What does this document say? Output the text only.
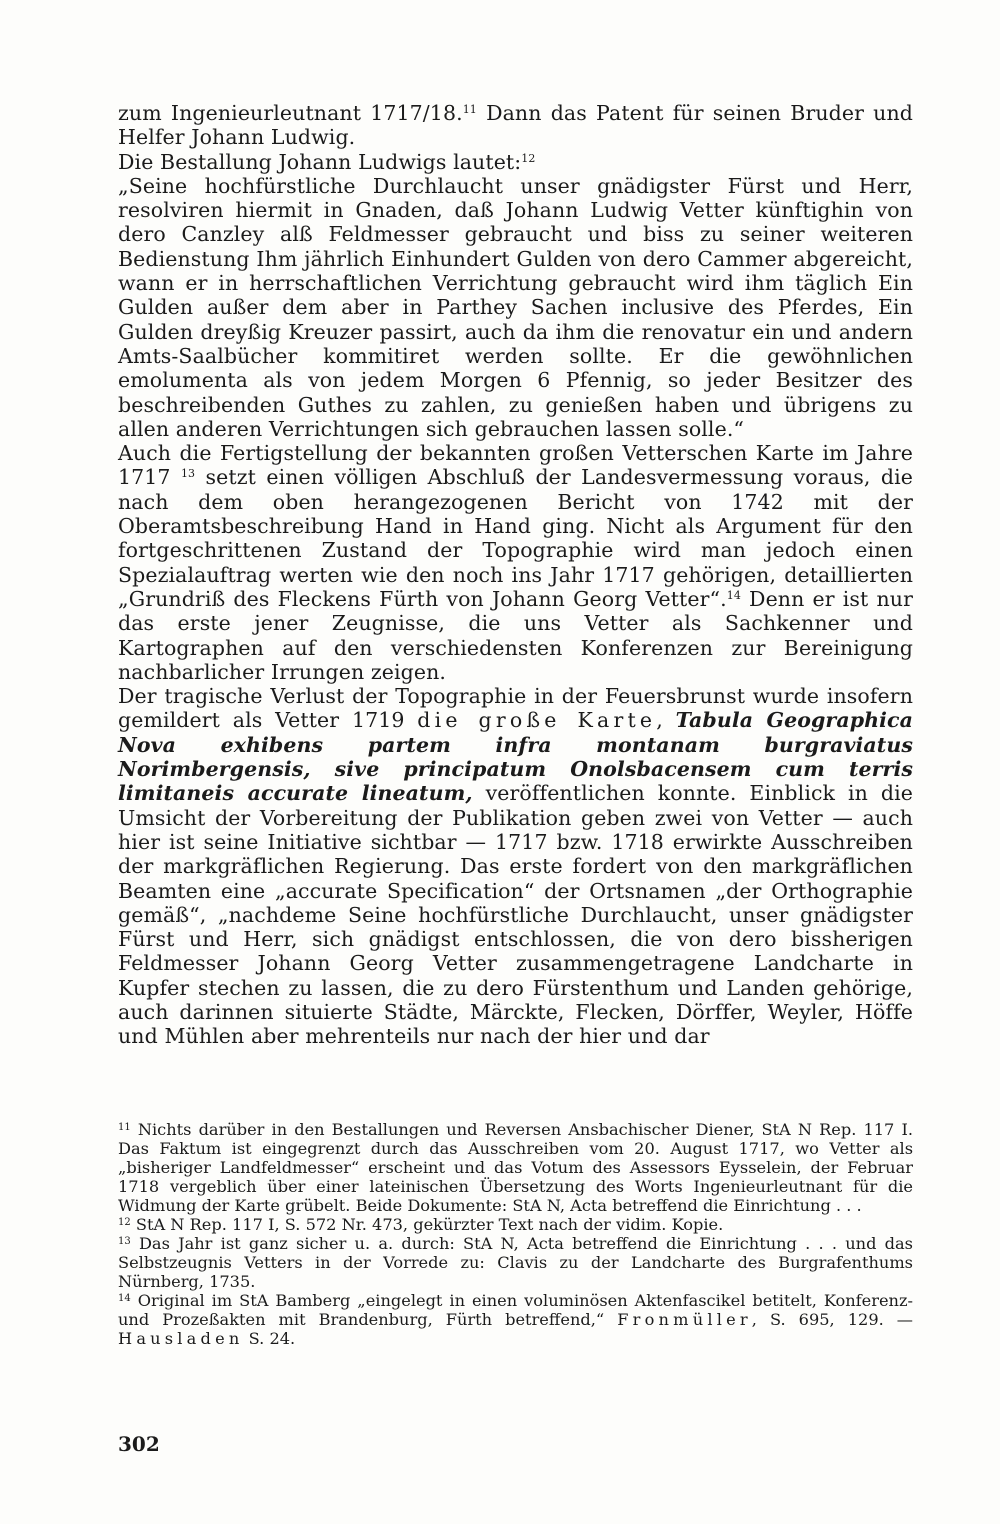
zum Ingenieurleutnant 1717/18.11 Dann das Patent für seinen Bruder und Helfer Johann Ludwig.

Die Bestallung Johann Ludwigs lautet:$^{12}$

„Seine hochfürstliche Durchlaucht unser gnädigster Fürst und Herr, resolviren hiermit in Gnaden, daß Johann Ludwig Vetter künftighin von dero Canzley alß Feldmesser gebraucht und biss zu seiner weiteren Bedienstung Ihm jährlich Einhundert Gulden von dero Cammer abgereicht, wann er in herrschaftlichen Verrichtung gebraucht wird ihm täglich Ein Gulden außer dem aber in Parthey Sachen inclusive des Pferdes, Ein Gulden dreyßig Kreuzer passirt, auch da ihm die renovatur ein und andern Amts-Saalbücher kommitiret werden sollte. Er die gewöhnlichen emolumenta als von jedem Morgen 6 Pfennig, so jeder Besitzer des beschreibenden Guthes zu zahlen, zu genießen haben und übrigens zu allen anderen Verrichtungen sich gebrauchen lassen solle.“

Auch die Fertigstellung der bekannten großen Vetterschen Karte im Jahre 1717 $^{13}$ setzt einen völligen Abschluß der Landesvermessung voraus, die nach dem oben herangezogenen Bericht von 1742 mit der Oberamtsbeschreibung Hand in Hand ging. Nicht als Argument für den fortgeschrittenen Zustand der Topographie wird man jedoch einen Spezialauftrag werten wie den noch ins Jahr 1717 gehörigen, detaillierten „Grundriß des Fleckens Fürth von Johann Georg Vetter“.$^{14}$ Denn er ist nur das erste jener Zeugnisse, die uns Vetter als Sachkenner und Kartographen auf den verschiedensten Konferenzen zur Bereinigung nachbarlicher Irrungen zeigen.

Der tragische Verlust der Topographie in der Feuersbrunst wurde insofern gemildert als Vetter 1719 die große Karte, Tabula Geographica Nova exhibens partem infra montanam burgraviatus Norimbergensis, sive principatum Onolsbacensem cum terris limitaneis accurate lineatum, veröffentlichen konnte. Einblick in die Umsicht der Vorbereitung der Publikation geben zwei von Vetter — auch hier ist seine Initiative sichtbar — 1717 bzw. 1718 erwirkte Ausschreiben der markgräflichen Regierung. Das erste fordert von den markgräflichen Beamten eine „accurate Specification“ der Ortsnamen „der Orthographie gemäß“, „nachdeme Seine hochfürstliche Durchlaucht, unser gnädigster Fürst und Herr, sich gnädigst entschlossen, die von dero bissherigen Feldmesser Johann Georg Vetter zusammengetragene Landcharte in Kupfer stechen zu lassen, die zu dero Fürstenthum und Landen gehörige, auch darinnen situierte Städte, Märckte, Flecken, Dörffer, Weyler, Höffe und Mühlen aber mehrenteils nur nach der hier und dar

$^{11}$ Nichts darüber in den Bestallungen und Reversen Ansbachischer Diener, StA N Rep. 117 I. Das Faktum ist eingegrenzt durch das Ausschreiben vom 20. August 1717, wo Vetter als „bisheriger Landfeldmesser“ erscheint und das Votum des Assessors Eysselein, der Februar 1718 vergeblich über einer lateinischen Übersetzung des Worts Ingenieurleutnant für die Widmung der Karte grübelt. Beide Dokumente: StA N, Acta betreffend die Einrichtung . . .

$^{12}$ StA N Rep. 117 I, S. 572 Nr. 473, gekürzter Text nach der vidim. Kopie.

$^{13}$ Das Jahr ist ganz sicher u. a. durch: StA N, Acta betreffend die Einrichtung . . . und das Selbstzeugnis Vetters in der Vorrede zu: Clavis zu der Landcharte des Burgrafenthums Nürnberg, 1735.

$^{14}$ Original im StA Bamberg „eingelegt in einen voluminösen Aktenfascikel betitelt, Konferenz- und Prozeßakten mit Brandenburg, Fürth betreffend,“ Fronmüller, S. 695, 129. — Hausladen S. 24.

302
